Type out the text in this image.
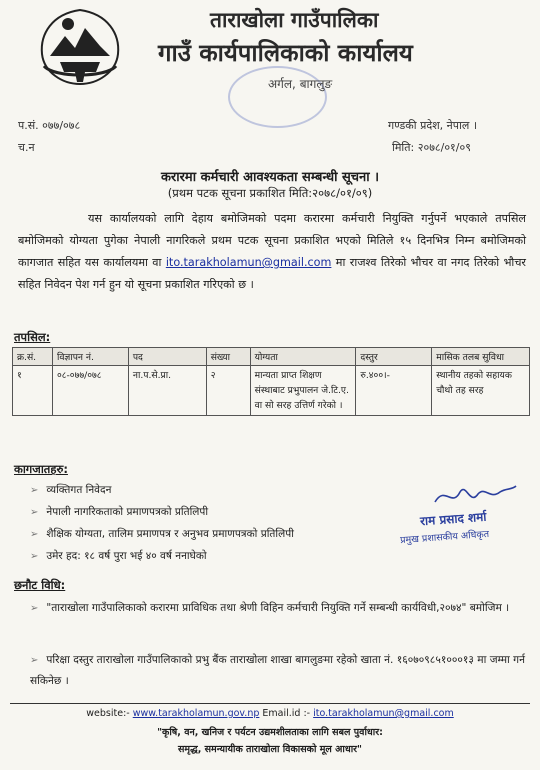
ताराखोला गाउँपालिका
गाउँ कार्यपालिकाको कार्यालय
अर्गल, बागलुङ
प.सं. ०७७/०७८
च.न
गण्डकी प्रदेश, नेपाल ।
मिति: २०७८/०१/०९
करारमा कर्मचारी आवश्यकता सम्बन्धी सूचना ।
(प्रथम पटक सूचना प्रकाशित मिति:२०७८/०१/०९)
यस कार्यालयको लागि देहाय बमोजिमको पदमा करारमा कर्मचारी नियुक्ति गर्नुपर्ने भएकाले तपसिल बमोजिमको योग्यता पुगेका नेपाली नागरिकले प्रथम पटक सूचना प्रकाशित भएको मितिले १५ दिनभित्र निम्न बमोजिमको कागजात सहित यस कार्यालयमा वा ito.tarakholamun@gmail.com मा राजश्व तिरेको भौचर वा नगद तिरेको भौचर सहित निवेदन पेश गर्न हुन यो सूचना प्रकाशित गरिएको छ ।
तपसिल:
क्र.सं.	विज्ञापन नं.	पद	संख्या	योग्यता	दस्तुर	मासिक तलब सुविधा
१	०८-०७७/०७८	ना.प.से.प्रा.	२	मान्यता प्राप्त शिक्षण संस्थाबाट प्रभुपालन जे.टि.ए. वा सो सरह उत्तिर्ण गरेको ।	रु.४००।-	स्थानीय तहको सहायक चौथो तह सरह
कागजातहरु:
➢ व्यक्तिगत निवेदन
➢ नेपाली नागरिकताको प्रमाणपत्रको प्रतिलिपी
➢ शैक्षिक योग्यता, तालिम प्रमाणपत्र र अनुभव प्रमाणपत्रको प्रतिलिपी
➢ उमेर हद: १८ वर्ष पुरा भई ४० वर्ष ननाघेको
राम प्रसाद शर्मा
प्रमुख प्रशासकीय अधिकृत
छनौट विधि:
➢ "ताराखोला गाउँपालिकाको करारमा प्राविधिक तथा श्रेणी विहिन कर्मचारी नियुक्ति गर्ने सम्बन्धी कार्यविधी,२०७४" बमोजिम ।
➢ परिक्षा दस्तुर ताराखोला गाउँपालिकाको प्रभु बैंक ताराखोला शाखा बागलुङमा रहेको खाता नं. १६०७०९८५१०००१३ मा जम्मा गर्न सकिनेछ ।
website:- www.tarakholamun.gov.np Email.id :- ito.tarakholamun@gmail.com
"कृषि, वन, खनिज र पर्यटन उद्यमशीलताका लागि सबल पुर्वाधार:
समृद्ध, समन्यायीक ताराखोला विकासको मूल आधार"
